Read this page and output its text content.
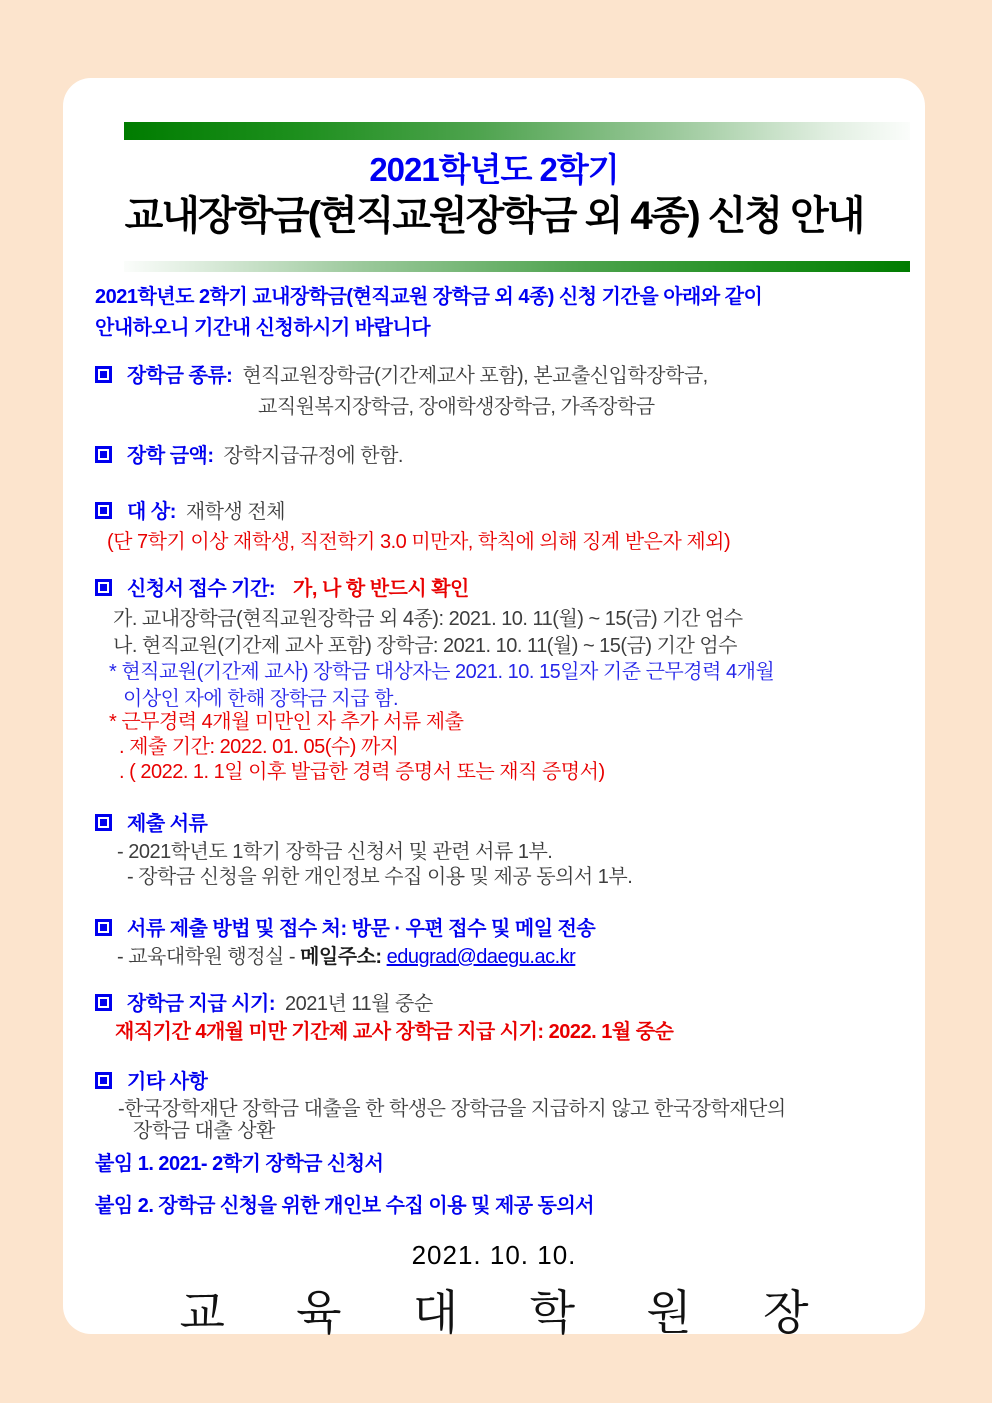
2021학년도 2학기
교내장학금(현직교원장학금 외 4종) 신청 안내
2021학년도 2학기 교내장학금(현직교원 장학금 외 4종) 신청 기간을 아래와 같이
안내하오니 기간내 신청하시기 바랍니다
장학금 종류: 현직교원장학금(기간제교사 포함), 본교출신입학장학금,
교직원복지장학금, 장애학생장학금, 가족장학금
장학 금액: 장학지급규정에 한함.
대 상: 재학생 전체
(단 7학기 이상 재학생, 직전학기 3.0 미만자, 학칙에 의해 징계 받은자 제외)
신청서 접수 기간: 가, 나 항 반드시 확인
가. 교내장학금(현직교원장학금 외 4종): 2021. 10. 11(월) ~ 15(금) 기간 엄수
나. 현직교원(기간제 교사 포함) 장학금: 2021. 10. 11(월) ~ 15(금) 기간 엄수
* 현직교원(기간제 교사) 장학금 대상자는 2021. 10. 15일자 기준 근무경력 4개월
이상인 자에 한해 장학금 지급 함.
* 근무경력 4개월 미만인 자 추가 서류 제출
. 제출 기간: 2022. 01. 05(수) 까지
. ( 2022. 1. 1일 이후 발급한 경력 증명서 또는 재직 증명서)
제출 서류
- 2021학년도 1학기 장학금 신청서 및 관련 서류 1부.
- 장학금 신청을 위한 개인정보 수집 이용 및 제공 동의서 1부.
서류 제출 방법 및 접수 처: 방문 · 우편 접수 및 메일 전송
- 교육대학원 행정실 - 메일주소: edugrad@daegu.ac.kr
장학금 지급 시기: 2021년 11월 중순
재직기간 4개월 미만 기간제 교사 장학금 지급 시기: 2022. 1월 중순
기타 사항
-한국장학재단 장학금 대출을 한 학생은 장학금을 지급하지 않고 한국장학재단의
장학금 대출 상환
붙임 1. 2021- 2학기 장학금 신청서
붙임 2. 장학금 신청을 위한 개인보 수집 이용 및 제공 동의서
2021. 10. 10.
교 육 대 학 원 장
